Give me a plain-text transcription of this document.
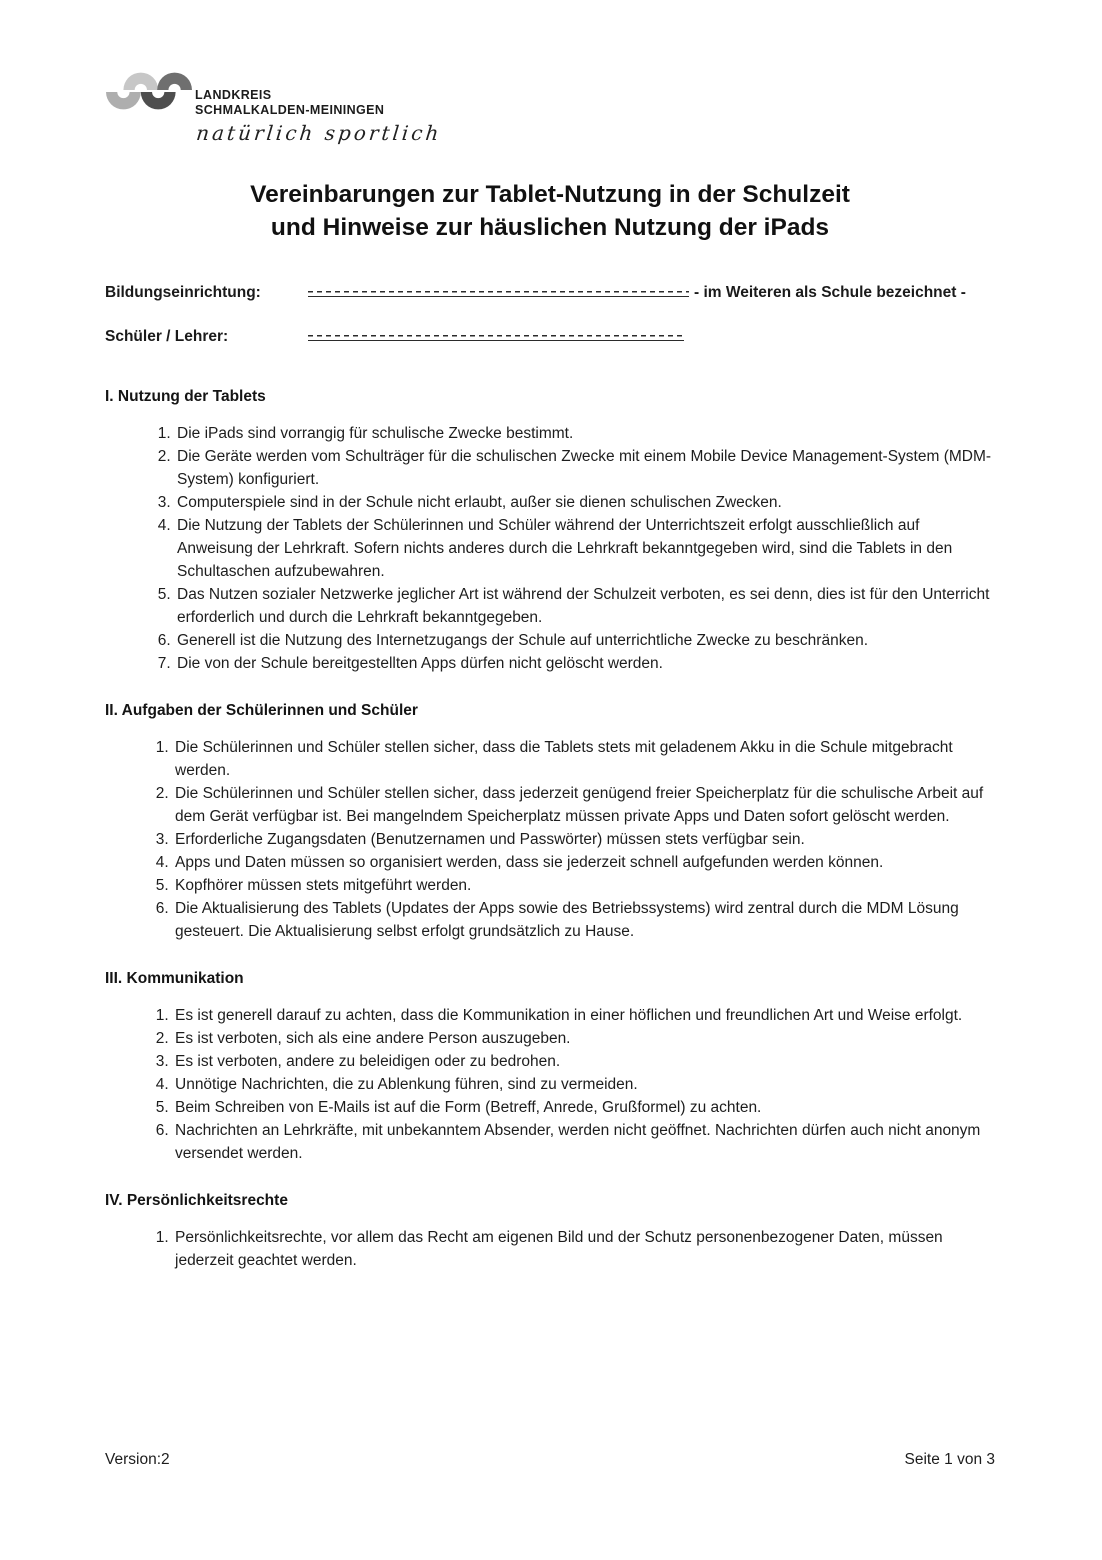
LANDKREIS
SCHMALKALDEN-MEININGEN
natürlich sportlich
Vereinbarungen zur Tablet-Nutzung in der Schulzeit
und Hinweise zur häuslichen Nutzung der iPads
Bildungseinrichtung:	- im Weiteren als Schule bezeichnet -
Schüler / Lehrer:
I. Nutzung der Tablets
1. Die iPads sind vorrangig für schulische Zwecke bestimmt.
2. Die Geräte werden vom Schulträger für die schulischen Zwecke mit einem Mobile Device Management-System (MDM-System) konfiguriert.
3. Computerspiele sind in der Schule nicht erlaubt, außer sie dienen schulischen Zwecken.
4. Die Nutzung der Tablets der Schülerinnen und Schüler während der Unterrichtszeit erfolgt ausschließlich auf Anweisung der Lehrkraft. Sofern nichts anderes durch die Lehrkraft bekanntgegeben wird, sind die Tablets in den Schultaschen aufzubewahren.
5. Das Nutzen sozialer Netzwerke jeglicher Art ist während der Schulzeit verboten, es sei denn, dies ist für den Unterricht erforderlich und durch die Lehrkraft bekanntgegeben.
6. Generell ist die Nutzung des Internetzugangs der Schule auf unterrichtliche Zwecke zu beschränken.
7. Die von der Schule bereitgestellten Apps dürfen nicht gelöscht werden.
II. Aufgaben der Schülerinnen und Schüler
1. Die Schülerinnen und Schüler stellen sicher, dass die Tablets stets mit geladenem Akku in die Schule mitgebracht werden.
2. Die Schülerinnen und Schüler stellen sicher, dass jederzeit genügend freier Speicherplatz für die schulische Arbeit auf dem Gerät verfügbar ist. Bei mangelndem Speicherplatz müssen private Apps und Daten sofort gelöscht werden.
3. Erforderliche Zugangsdaten (Benutzernamen und Passwörter) müssen stets verfügbar sein.
4. Apps und Daten müssen so organisiert werden, dass sie jederzeit schnell aufgefunden werden können.
5. Kopfhörer müssen stets mitgeführt werden.
6. Die Aktualisierung des Tablets (Updates der Apps sowie des Betriebssystems) wird zentral durch die MDM Lösung gesteuert. Die Aktualisierung selbst erfolgt grundsätzlich zu Hause.
III. Kommunikation
1. Es ist generell darauf zu achten, dass die Kommunikation in einer höflichen und freundlichen Art und Weise erfolgt.
2. Es ist verboten, sich als eine andere Person auszugeben.
3. Es ist verboten, andere zu beleidigen oder zu bedrohen.
4. Unnötige Nachrichten, die zu Ablenkung führen, sind zu vermeiden.
5. Beim Schreiben von E-Mails ist auf die Form (Betreff, Anrede, Grußformel) zu achten.
6. Nachrichten an Lehrkräfte, mit unbekanntem Absender, werden nicht geöffnet. Nachrichten dürfen auch nicht anonym versendet werden.
IV. Persönlichkeitsrechte
1. Persönlichkeitsrechte, vor allem das Recht am eigenen Bild und der Schutz personenbezogener Daten, müssen jederzeit geachtet werden.
Version:2	Seite 1 von 3
